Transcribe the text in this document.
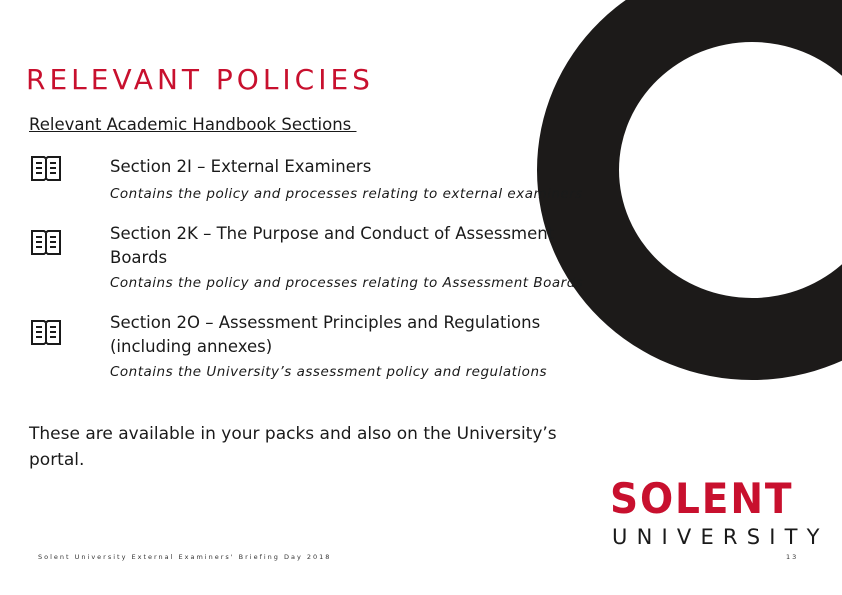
RELEVANT POLICIES
Relevant Academic Handbook Sections
Section 2I – External Examiners
Contains the policy and processes relating to external examiners
Section 2K – The Purpose and Conduct of Assessment Boards
Contains the policy and processes relating to Assessment Boards
Section 2O – Assessment Principles and Regulations (including annexes)
Contains the University’s assessment policy and regulations
These are available in your packs and also on the University’s portal.
SOLENT
UNIVERSITY
Solent University External Examiners' Briefing Day 2018	13
